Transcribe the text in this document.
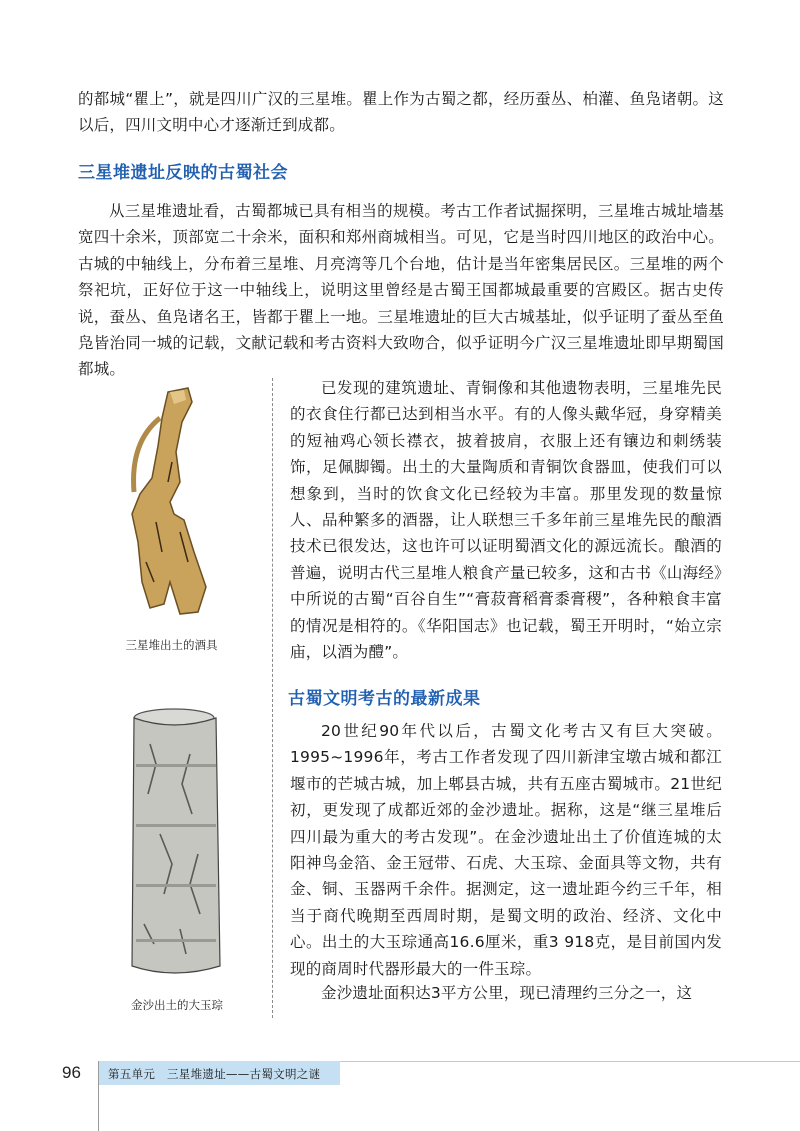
的都城“瞿上”，就是四川广汉的三星堆。瞿上作为古蜀之都，经历蚕丛、柏灌、鱼凫诸朝。这以后，四川文明中心才逐渐迁到成都。

三星堆遗址反映的古蜀社会

从三星堆遗址看，古蜀都城已具有相当的规模。考古工作者试掘探明，三星堆古城址墙基宽四十余米，顶部宽二十余米，面积和郑州商城相当。可见，它是当时四川地区的政治中心。古城的中轴线上，分布着三星堆、月亮湾等几个台地，估计是当年密集居民区。三星堆的两个祭祀坑，正好位于这一中轴线上，说明这里曾经是古蜀王国都城最重要的宫殿区。据古史传说，蚕丛、鱼凫诸名王，皆都于瞿上一地。三星堆遗址的巨大古城基址，似乎证明了蚕丛至鱼凫皆治同一城的记载，文献记载和考古资料大致吻合，似乎证明今广汉三星堆遗址即早期蜀国都城。

三星堆出土的酒具

已发现的建筑遗址、青铜像和其他遗物表明，三星堆先民的衣食住行都已达到相当水平。有的人像头戴华冠，身穿精美的短袖鸡心领长襟衣，披着披肩，衣服上还有镶边和刺绣装饰，足佩脚镯。出土的大量陶质和青铜饮食器皿，使我们可以想象到，当时的饮食文化已经较为丰富。那里发现的数量惊人、品种繁多的酒器，让人联想三千多年前三星堆先民的酿酒技术已很发达，这也许可以证明蜀酒文化的源远流长。酿酒的普遍，说明古代三星堆人粮食产量已较多，这和古书《山海经》中所说的古蜀“百谷自生”“膏菽膏稻膏黍膏稷”，各种粮食丰富的情况是相符的。《华阳国志》也记载，蜀王开明时，“始立宗庙，以酒为醴”。

古蜀文明考古的最新成果

金沙出土的大玉琮

20世纪90年代以后，古蜀文化考古又有巨大突破。1995~1996年，考古工作者发现了四川新津宝墩古城和都江堰市的芒城古城，加上郫县古城，共有五座古蜀城市。21世纪初，更发现了成都近郊的金沙遗址。据称，这是“继三星堆后四川最为重大的考古发现”。在金沙遗址出土了价值连城的太阳神鸟金箔、金王冠带、石虎、大玉琮、金面具等文物，共有金、铜、玉器两千余件。据测定，这一遗址距今约三千年，相当于商代晚期至西周时期，是蜀文明的政治、经济、文化中心。出土的大玉琮通高16.6厘米，重3 918克，是目前国内发现的商周时代器形最大的一件玉琮。

金沙遗址面积达3平方公里，现已清理约三分之一，这

96 第五单元　三星堆遗址——古蜀文明之谜
